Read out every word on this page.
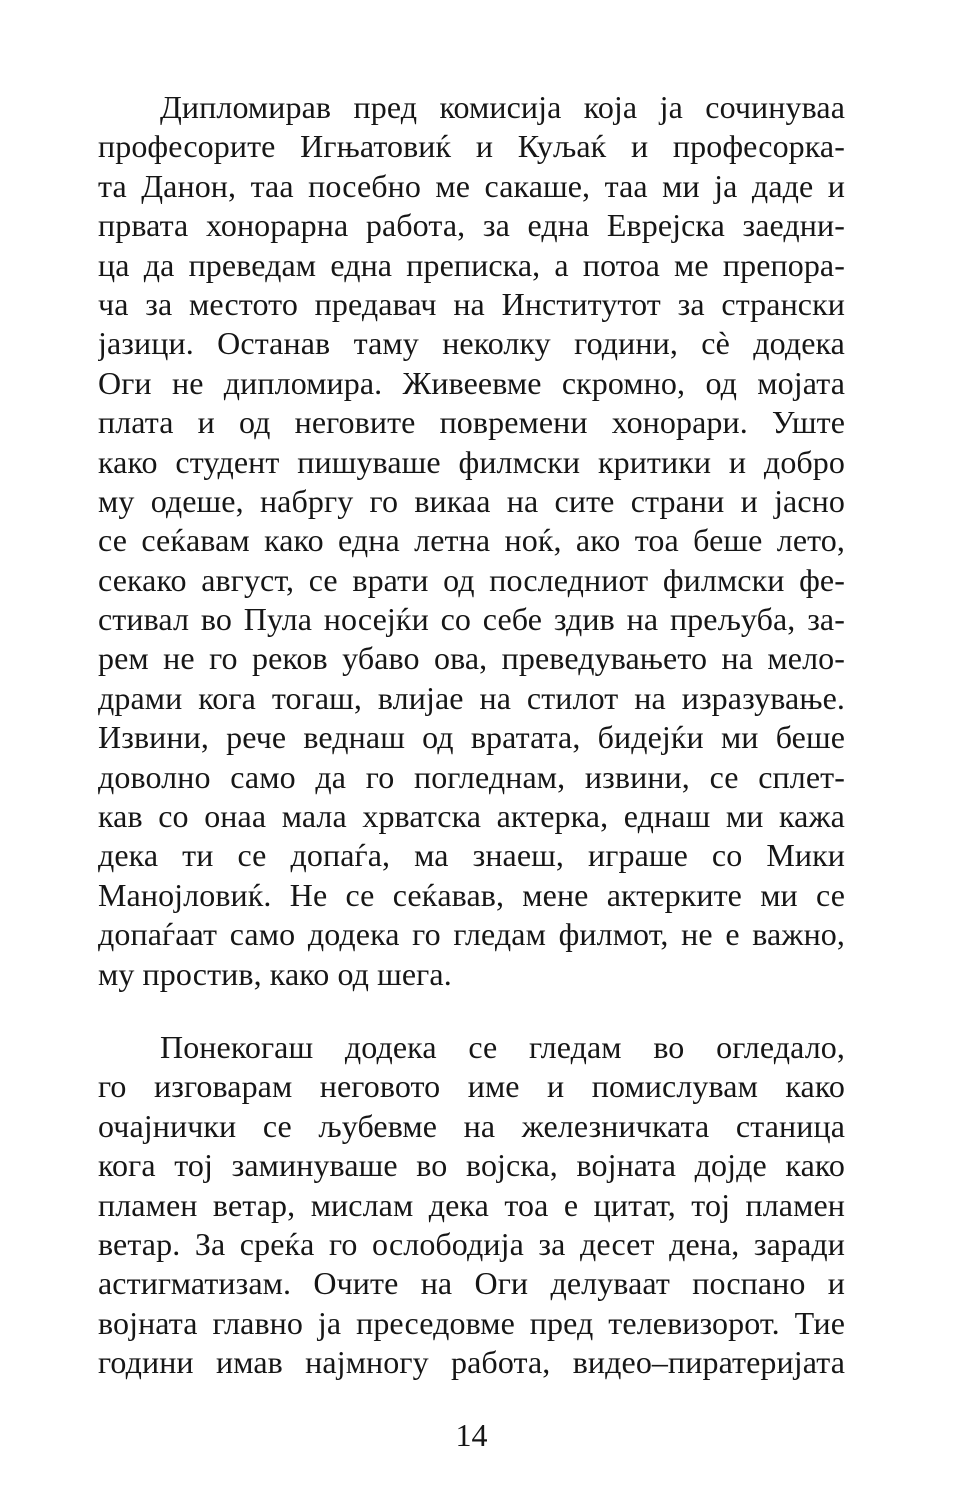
Дипломирав пред комисија која ја сочинуваа
професорите Игњатовиќ и Куљаќ и професорка-
та Данон, таа посебно ме сакаше, таа ми ја даде и
првата хонорарна работа, за една Еврејска заедни-
ца да преведам една преписка, а потоа ме препора-
ча за местото предавач на Институтот за странски
јазици. Останав таму неколку години, сѐ додека
Оги не дипломира. Живеевме скромно, од мојата
плата и од неговите повремени хонорари. Уште
како студент пишуваше филмски критики и добро
му одеше, набргу го викаа на сите страни и јасно
се сеќавам како една летна ноќ, ако тоа беше лето,
секако август, се врати од последниот филмски фе-
стивал во Пула носејќи со себе здив на прељуба, за-
рем не го реков убаво ова, преведувањето на мело-
драми кога тогаш, влијае на стилот на изразување.
Извини, рече веднаш од вратата, бидејќи ми беше
доволно само да го погледнам, извини, се сплет-
кав со онаа мала хрватска актерка, еднаш ми кажа
дека ти се допаѓа, ма знаеш, играше со Мики
Манојловиќ. Не се сеќавав, мене актерките ми се
допаѓаат само додека го гледам филмот, не е важно,
му простив, како од шега.
Понекогаш додека се гледам во огледало,
го изговарам неговото име и помислувам како
очајнички се љубевме на железничката станица
кога тој заминуваше во војска, војната дојде како
пламен ветар, мислам дека тоа е цитат, тој пламен
ветар. За среќа го ослободија за десет дена, заради
астигматизам. Очите на Оги делуваат поспано и
војната главно ја преседовме пред телевизорот. Тие
години имав најмногу работа, видео–пиратеријата
14
